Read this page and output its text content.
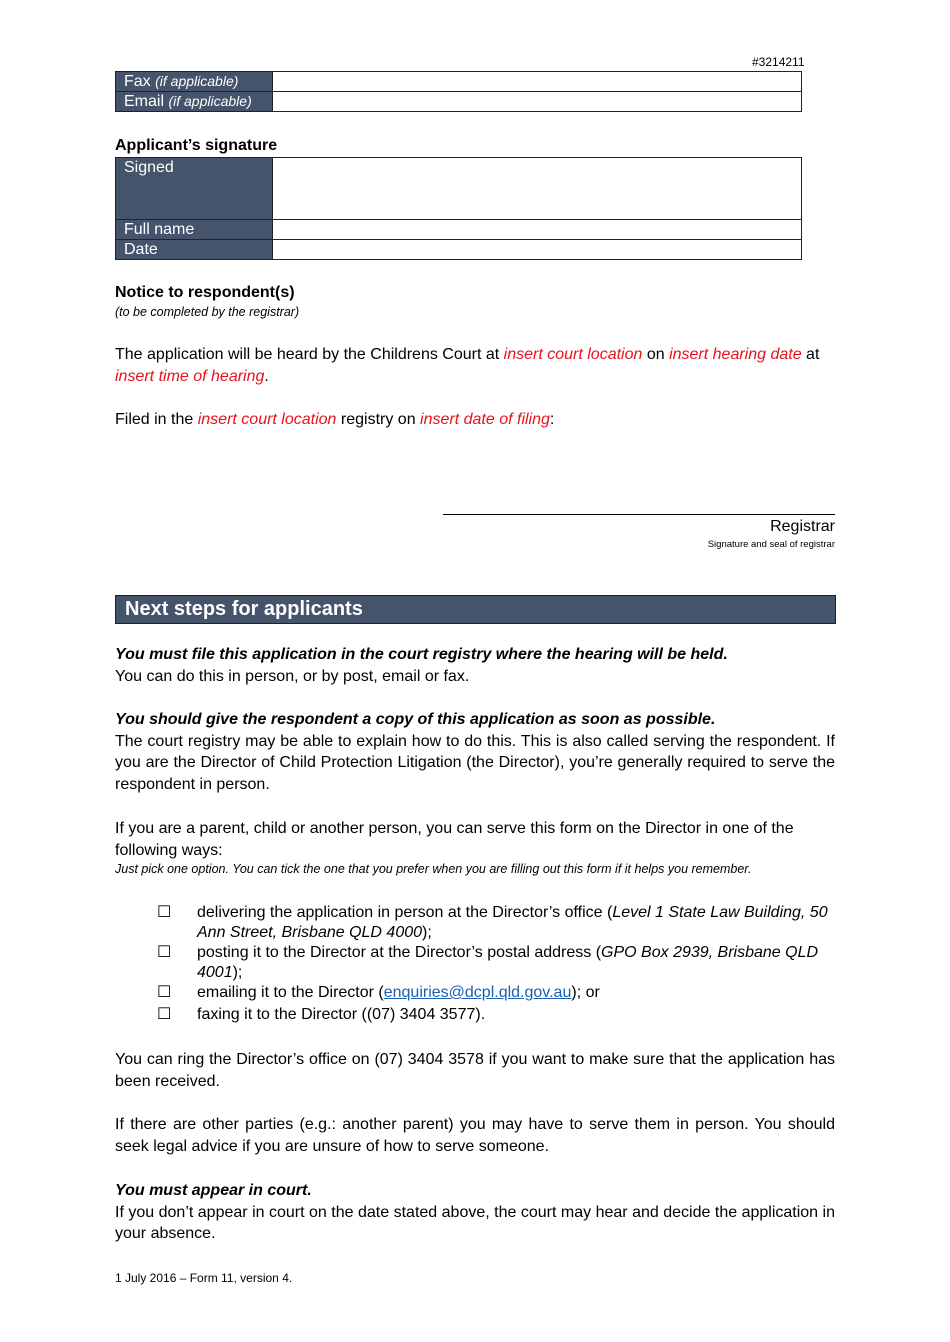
#3214211
Fax (if applicable)	
Email (if applicable)	
Applicant’s signature
Signed	
Full name	
Date	
Notice to respondent(s)
(to be completed by the registrar)
The application will be heard by the Childrens Court at insert court location on insert hearing date at insert time of hearing.
Filed in the insert court location registry on insert date of filing:
Registrar
Signature and seal of registrar
Next steps for applicants
You must file this application in the court registry where the hearing will be held.
You can do this in person, or by post, email or fax.
You should give the respondent a copy of this application as soon as possible.
The court registry may be able to explain how to do this. This is also called serving the respondent. If you are the Director of Child Protection Litigation (the Director), you’re generally required to serve the respondent in person.
If you are a parent, child or another person, you can serve this form on the Director in one of the following ways:
Just pick one option. You can tick the one that you prefer when you are filling out this form if it helps you remember.
☐ delivering the application in person at the Director’s office (Level 1 State Law Building, 50 Ann Street, Brisbane QLD 4000);
☐ posting it to the Director at the Director’s postal address (GPO Box 2939, Brisbane QLD 4001);
☐ emailing it to the Director (enquiries@dcpl.qld.gov.au); or
☐ faxing it to the Director ((07) 3404 3577).
You can ring the Director’s office on (07) 3404 3578 if you want to make sure that the application has been received.
If there are other parties (e.g.: another parent) you may have to serve them in person. You should seek legal advice if you are unsure of how to serve someone.
You must appear in court.
If you don’t appear in court on the date stated above, the court may hear and decide the application in your absence.
1 July 2016 – Form 11, version 4.
